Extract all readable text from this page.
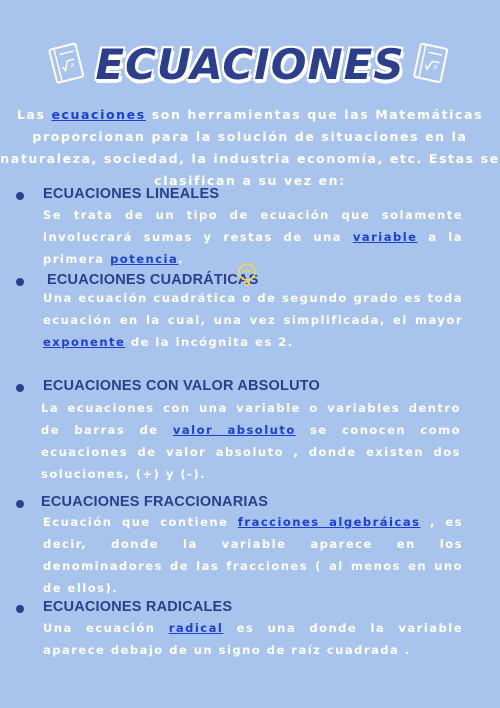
x ECUACIONES	x

Las ecuaciones son herramientas que las Matemáticas proporcionan para la solución de situaciones en la naturaleza, sociedad, la industria economía, etc. Estas se clasifican a su vez en:

ECUACIONES LINEALES

Se trata de un tipo de ecuación que solamente involucrará sumas y restas de una variable a la primera potencia.

ECUACIONES CUADRÁTICAS

Una ecuación cuadrática o de segundo grado es toda ecuación en la cual, una vez simplificada, el mayor exponente de la incógnita es 2.

ECUACIONES CON VALOR ABSOLUTO

La ecuaciones con una variable o variables dentro de barras de valor absoluto se conocen como ecuaciones de valor absoluto , donde existen dos soluciones, (+) y (-).

ECUACIONES FRACCIONARIAS

Ecuación que contiene fracciones algebráicas , es decir, donde la variable aparece en los denominadores de las fracciones ( al menos en uno de ellos).

ECUACIONES RADICALES

Una ecuación radical es una donde la variable aparece debajo de un signo de raíz cuadrada .
